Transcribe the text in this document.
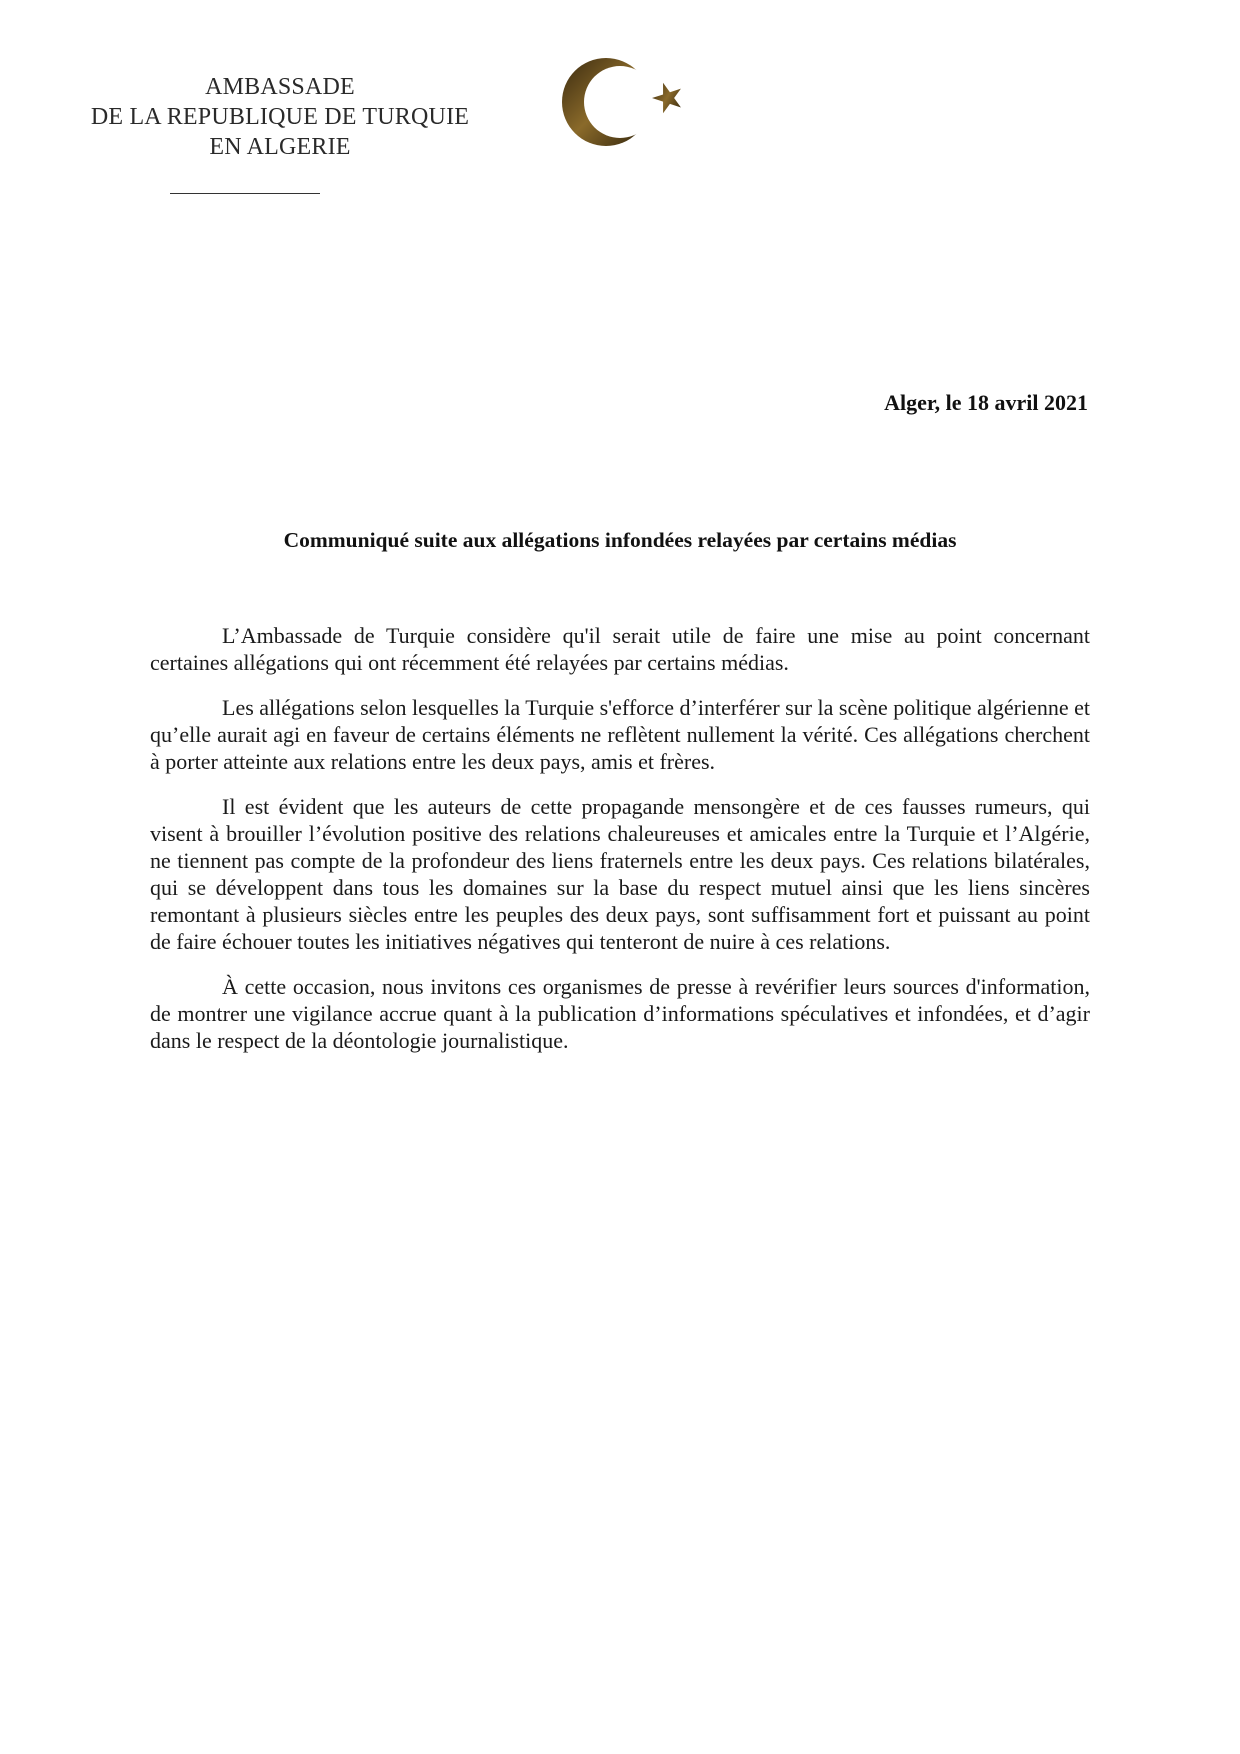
AMBASSADE
DE LA REPUBLIQUE DE TURQUIE
EN ALGERIE
Alger, le 18 avril 2021
Communiqué suite aux allégations infondées relayées par certains médias

L’Ambassade de Turquie considère qu'il serait utile de faire une mise au point concernant certaines allégations qui ont récemment été relayées par certains médias.

Les allégations selon lesquelles la Turquie s'efforce d’interférer sur la scène politique algérienne et qu’elle aurait agi en faveur de certains éléments ne reflètent nullement la vérité. Ces allégations cherchent à porter atteinte aux relations entre les deux pays, amis et frères.

Il est évident que les auteurs de cette propagande mensongère et de ces fausses rumeurs, qui visent à brouiller l’évolution positive des relations chaleureuses et amicales entre la Turquie et l’Algérie, ne tiennent pas compte de la profondeur des liens fraternels entre les deux pays. Ces relations bilatérales, qui se développent dans tous les domaines sur la base du respect mutuel ainsi que les liens sincères remontant à plusieurs siècles entre les peuples des deux pays, sont suffisamment fort et puissant au point de faire échouer toutes les initiatives négatives qui tenteront de nuire à ces relations.

À cette occasion, nous invitons ces organismes de presse à revérifier leurs sources d'information, de montrer une vigilance accrue quant à la publication d’informations spéculatives et infondées, et d’agir dans le respect de la déontologie journalistique.
